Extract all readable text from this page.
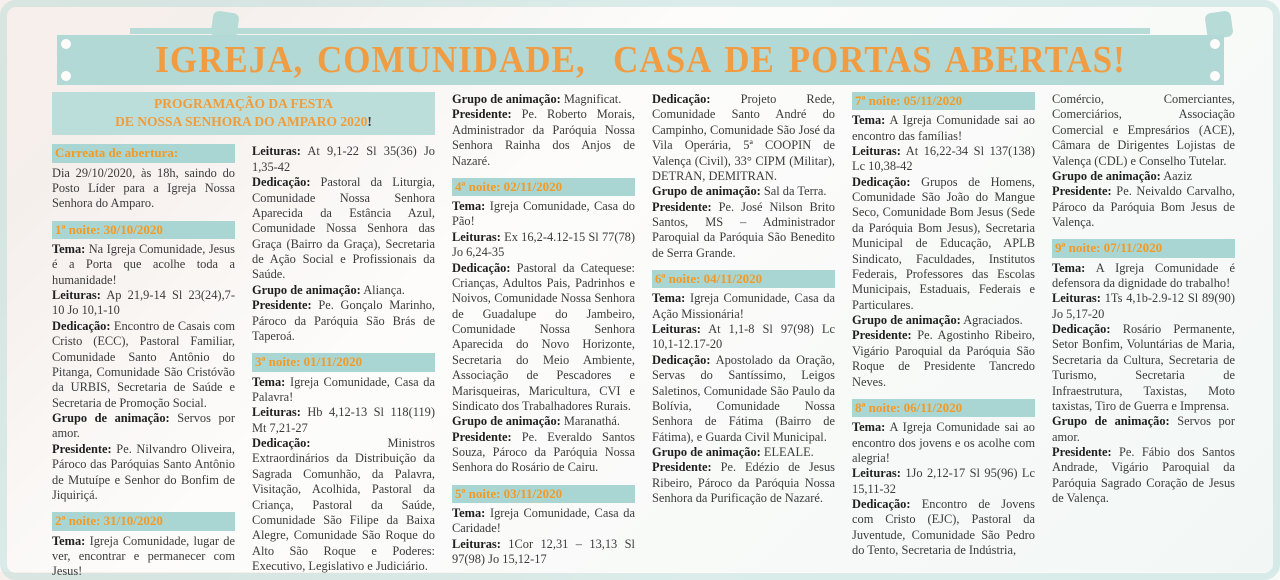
IGREJA, COMUNIDADE,  CASA DE PORTAS ABERTAS!
PROGRAMAÇÃO DA FESTA
DE NOSSA SENHORA DO AMPARO 2020!
Carreata de abertura:

Dia 29/10/2020, às 18h, saindo do Posto Líder para a Igreja Nossa Senhora do Amparo.

1ª noite: 30/10/2020

Tema: Na Igreja Comunidade, Jesus é a Porta que acolhe toda a humanidade!

Leituras: Ap 21,9-14 Sl 23(24),7-10 Jo 10,1-10

Dedicação: Encontro de Casais com Cristo (ECC), Pastoral Familiar, Comunidade Santo Antônio do Pitanga, Comunidade São Cristóvão da URBIS, Secretaria de Saúde e Secretaria de Promoção Social.

Grupo de animação: Servos por amor.

Presidente: Pe. Nilvandro Oliveira, Pároco das Paróquias Santo Antônio de Mutuípe e Senhor do Bonfim de Jiquiriçá.

2ª noite: 31/10/2020

Tema: Igreja Comunidade, lugar de ver, encontrar e permanecer com Jesus!

Leituras: At 9,1-22 Sl 35(36) Jo 1,35-42

Dedicação: Pastoral da Liturgia, Comunidade Nossa Senhora Aparecida da Estância Azul, Comunidade Nossa Senhora das Graça (Bairro da Graça), Secretaria de Ação Social e Profissionais da Saúde.

Grupo de animação: Aliança.

Presidente: Pe. Gonçalo Marinho, Pároco da Paróquia São Brás de Taperoá.

3ª noite: 01/11/2020

Tema: Igreja Comunidade, Casa da Palavra!

Leituras: Hb 4,12-13 Sl 118(119) Mt 7,21-27

Dedicação:	Ministros Extraordinários da Distribuição da Sagrada Comunhão, da Palavra, Visitação, Acolhida, Pastoral da Criança, Pastoral da Saúde, Comunidade São Filipe da Baixa Alegre, Comunidade São Roque do Alto São Roque e Poderes: Executivo, Legislativo e Judiciário.

Grupo de animação: Magnificat.

Presidente: Pe. Roberto Morais, Administrador da Paróquia Nossa Senhora Rainha dos Anjos de Nazaré.

4ª noite: 02/11/2020

Tema: Igreja Comunidade, Casa do Pão!

Leituras: Ex 16,2-4.12-15 Sl 77(78) Jo 6,24-35

Dedicação: Pastoral da Catequese: Crianças, Adultos Pais, Padrinhos e Noivos, Comunidade Nossa Senhora de Guadalupe do Jambeiro, Comunidade Nossa Senhora Aparecida do Novo Horizonte, Secretaria do Meio Ambiente, Associação de Pescadores e Marisqueiras, Maricultura, CVI e Sindicato dos Trabalhadores Rurais.

Grupo de animação: Maranathá.

Presidente: Pe. Everaldo Santos Souza, Pároco da Paróquia Nossa Senhora do Rosário de Cairu.

5ª noite: 03/11/2020

Tema: Igreja Comunidade, Casa da Caridade!

Leituras: 1Cor 12,31 – 13,13 Sl 97(98) Jo 15,12-17

Dedicação: Projeto Rede, Comunidade Santo André do Campinho, Comunidade São José da Vila Operária, 5ª COOPIN de Valença (Civil), 33° CIPM (Militar), DETRAN, DEMITRAN.

Grupo de animação: Sal da Terra.

Presidente: Pe. José Nilson Brito Santos, MS – Administrador Paroquial da Paróquia São Benedito de Serra Grande.

6ª noite: 04/11/2020

Tema: Igreja Comunidade, Casa da Ação Missionária!

Leituras: At 1,1-8 Sl 97(98) Lc 10,1-12.17-20

Dedicação: Apostolado da Oração, Servas do Santíssimo, Leigos Saletinos, Comunidade São Paulo da Bolívia, Comunidade Nossa Senhora de Fátima (Bairro de Fátima), e Guarda Civil Municipal.

Grupo de animação: ELEALE.

Presidente: Pe. Edézio de Jesus Ribeiro, Pároco da Paróquia Nossa Senhora da Purificação de Nazaré.

7ª noite: 05/11/2020

Tema: A Igreja Comunidade sai ao encontro das famílias!

Leituras: At 16,22-34 Sl 137(138) Lc 10,38-42

Dedicação: Grupos de Homens, Comunidade São João do Mangue Seco, Comunidade Bom Jesus (Sede da Paróquia Bom Jesus), Secretaria Municipal de Educação, APLB Sindicato, Faculdades, Institutos Federais, Professores das Escolas Municipais, Estaduais, Federais e Particulares.

Grupo de animação: Agraciados.

Presidente: Pe. Agostinho Ribeiro, Vigário Paroquial da Paróquia São Roque de Presidente Tancredo Neves.

8ª noite: 06/11/2020

Tema: A Igreja Comunidade sai ao encontro dos jovens e os acolhe com alegria!

Leituras: 1Jo 2,12-17 Sl 95(96) Lc 15,11-32

Dedicação: Encontro de Jovens com Cristo (EJC), Pastoral da Juventude, Comunidade São Pedro do Tento, Secretaria de Indústria,

Comércio, Comerciantes, Comerciários, Associação Comercial e Empresários (ACE), Câmara de Dirigentes Lojistas de Valença (CDL) e Conselho Tutelar.

Grupo de animação: Aaziz

Presidente: Pe. Neivaldo Carvalho, Pároco da Paróquia Bom Jesus de Valença.

9ª noite: 07/11/2020

Tema: A Igreja Comunidade é defensora da dignidade do trabalho!

Leituras: 1Ts 4,1b-2.9-12 Sl 89(90) Jo 5,17-20

Dedicação: Rosário Permanente, Setor Bonfim, Voluntárias de Maria, Secretaria da Cultura, Secretaria de Turismo, Secretaria de Infraestrutura, Taxistas, Moto taxistas, Tiro de Guerra e Imprensa.

Grupo de animação: Servos por amor.

Presidente: Pe. Fábio dos Santos Andrade, Vigário Paroquial da Paróquia Sagrado Coração de Jesus de Valença.
